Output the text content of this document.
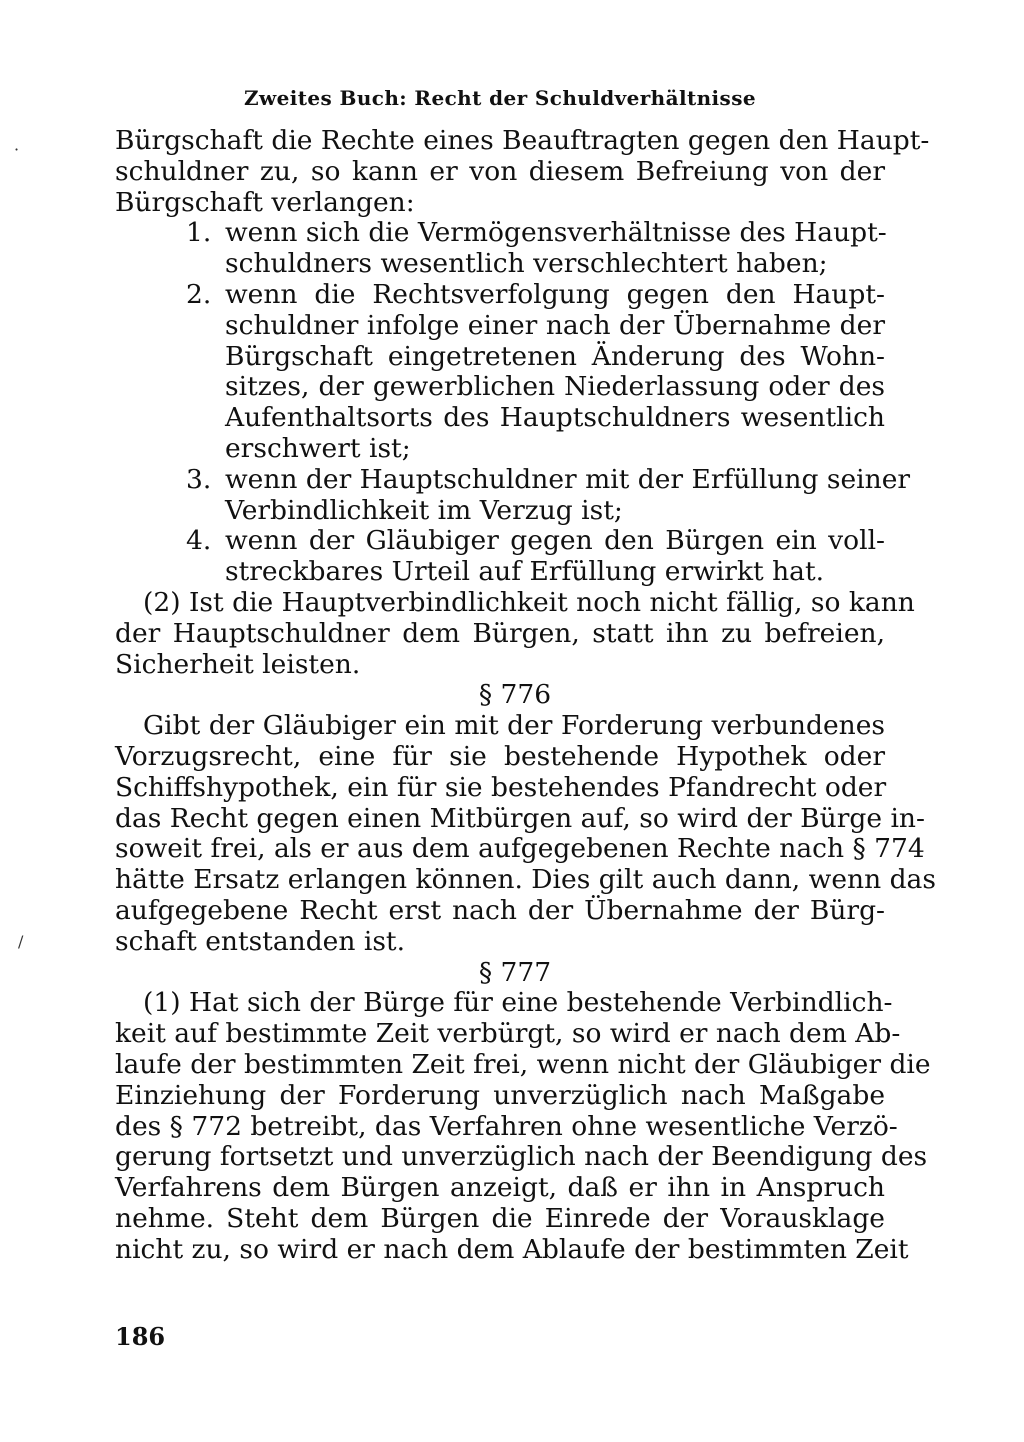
·
/
Zweites Buch: Recht der Schuldverhältnisse
Bürgschaft die Rechte eines Beauftragten gegen den Haupt-
schuldner zu, so kann er von diesem Befreiung von der
Bürgschaft verlangen:
1. wenn sich die Vermögensverhältnisse des Haupt-
schuldners wesentlich verschlechtert haben;
2. wenn die Rechtsverfolgung gegen den Haupt-
schuldner infolge einer nach der Übernahme der
Bürgschaft eingetretenen Änderung des Wohn-
sitzes, der gewerblichen Niederlassung oder des
Aufenthaltsorts des Hauptschuldners wesentlich
erschwert ist;
3. wenn der Hauptschuldner mit der Erfüllung seiner
Verbindlichkeit im Verzug ist;
4. wenn der Gläubiger gegen den Bürgen ein voll-
streckbares Urteil auf Erfüllung erwirkt hat.
(2) Ist die Hauptverbindlichkeit noch nicht fällig, so kann
der Hauptschuldner dem Bürgen, statt ihn zu befreien,
Sicherheit leisten.
§ 776
Gibt der Gläubiger ein mit der Forderung verbundenes
Vorzugsrecht, eine für sie bestehende Hypothek oder
Schiffshypothek, ein für sie bestehendes Pfandrecht oder
das Recht gegen einen Mitbürgen auf, so wird der Bürge in-
soweit frei, als er aus dem aufgegebenen Rechte nach § 774
hätte Ersatz erlangen können. Dies gilt auch dann, wenn das
aufgegebene Recht erst nach der Übernahme der Bürg-
schaft entstanden ist.
§ 777
(1) Hat sich der Bürge für eine bestehende Verbindlich-
keit auf bestimmte Zeit verbürgt, so wird er nach dem Ab-
laufe der bestimmten Zeit frei, wenn nicht der Gläubiger die
Einziehung der Forderung unverzüglich nach Maßgabe
des § 772 betreibt, das Verfahren ohne wesentliche Verzö-
gerung fortsetzt und unverzüglich nach der Beendigung des
Verfahrens dem Bürgen anzeigt, daß er ihn in Anspruch
nehme. Steht dem Bürgen die Einrede der Vorausklage
nicht zu, so wird er nach dem Ablaufe der bestimmten Zeit
186
